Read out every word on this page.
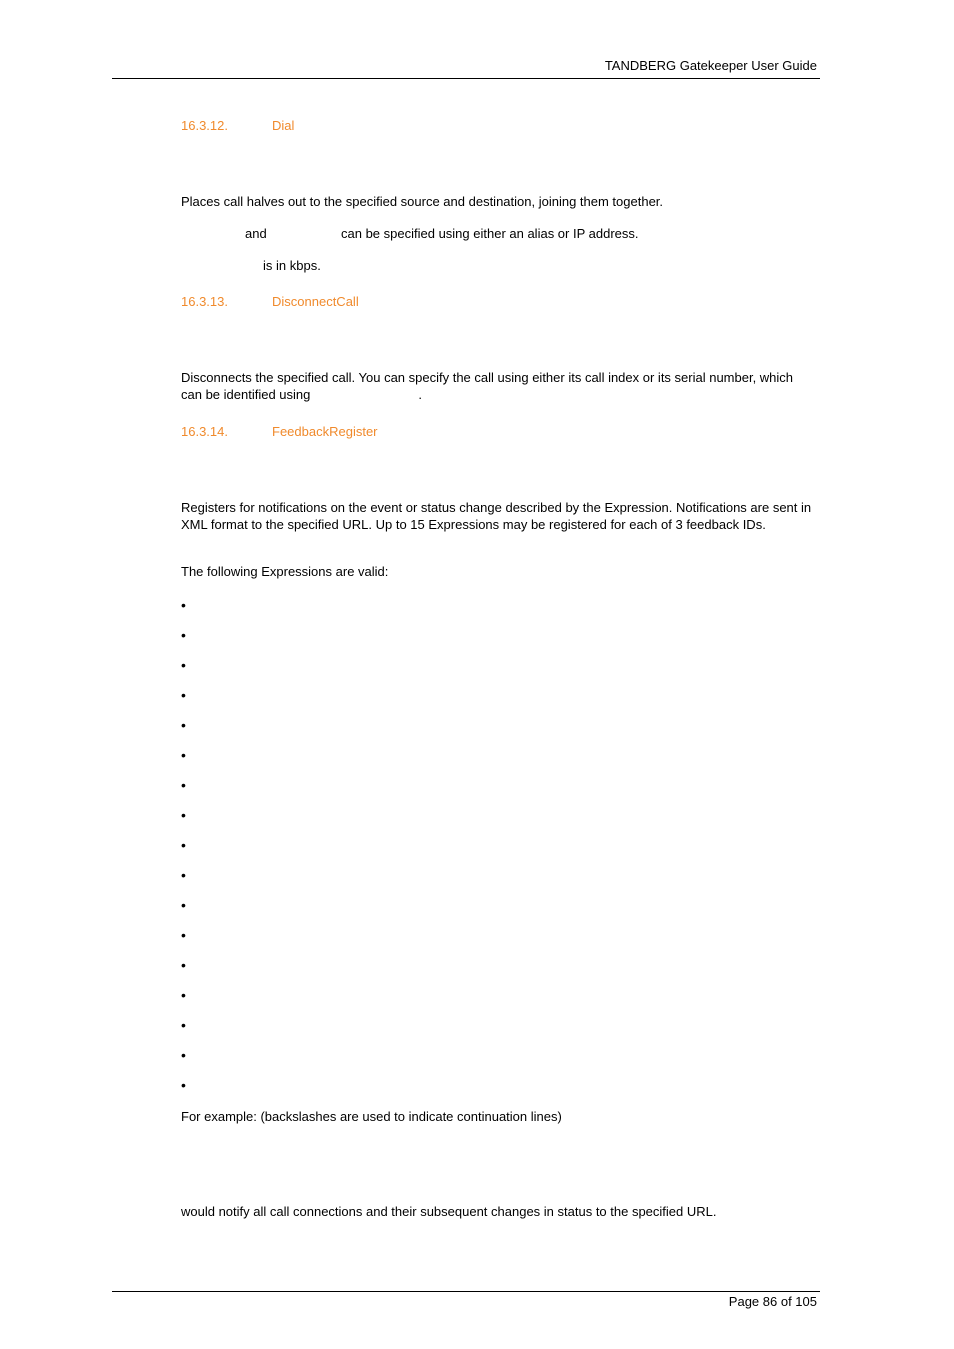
TANDBERG Gatekeeper User Guide
16.3.12.	Dial
Places call halves out to the specified source and destination, joining them together.
and	can be specified using either an alias or IP address.
is in kbps.
16.3.13.	DisconnectCall
Disconnects the specified call. You can specify the call using either its call index or its serial number, which can be identified using	.
16.3.14.	FeedbackRegister
Registers for notifications on the event or status change described by the Expression. Notifications are sent in XML format to the specified URL. Up to 15 Expressions may be registered for each of 3 feedback IDs.
The following Expressions are valid:
•
•
•
•
•
•
•
•
•
•
•
•
•
•
•
•
•
For example: (backslashes are used to indicate continuation lines)
would notify all call connections and their subsequent changes in status to the specified URL.
Page 86 of 105
